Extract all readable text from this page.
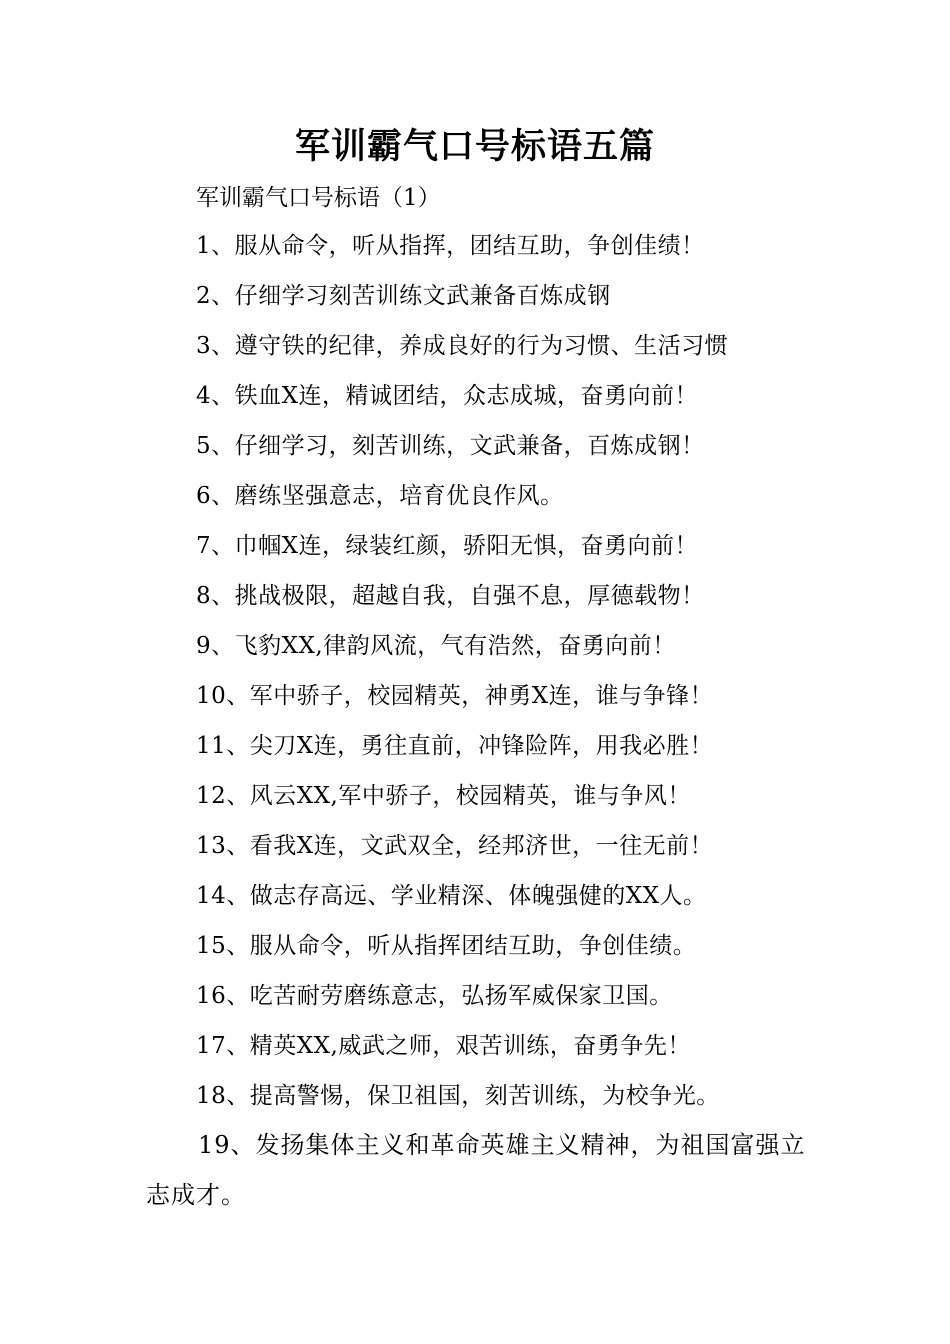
军训霸气口号标语五篇
军训霸气口号标语（1）
1、服从命令，听从指挥，团结互助，争创佳绩！
2、仔细学习刻苦训练文武兼备百炼成钢
3、遵守铁的纪律，养成良好的行为习惯、生活习惯
4、铁血X连，精诚团结，众志成城，奋勇向前！
5、仔细学习，刻苦训练，文武兼备，百炼成钢！
6、磨练坚强意志，培育优良作风。
7、巾帼X连，绿装红颜，骄阳无惧，奋勇向前！
8、挑战极限，超越自我，自强不息，厚德载物！
9、飞豹XX,律韵风流，气有浩然，奋勇向前！
10、军中骄子，校园精英，神勇X连，谁与争锋！
11、尖刀X连，勇往直前，冲锋险阵，用我必胜！
12、风云XX,军中骄子，校园精英，谁与争风！
13、看我X连，文武双全，经邦济世，一往无前！
14、做志存高远、学业精深、体魄强健的XX人。
15、服从命令，听从指挥团结互助，争创佳绩。
16、吃苦耐劳磨练意志，弘扬军威保家卫国。
17、精英XX,威武之师，艰苦训练，奋勇争先！
18、提高警惕，保卫祖国，刻苦训练，为校争光。
19、发扬集体主义和革命英雄主义精神，为祖国富强立志成才。
